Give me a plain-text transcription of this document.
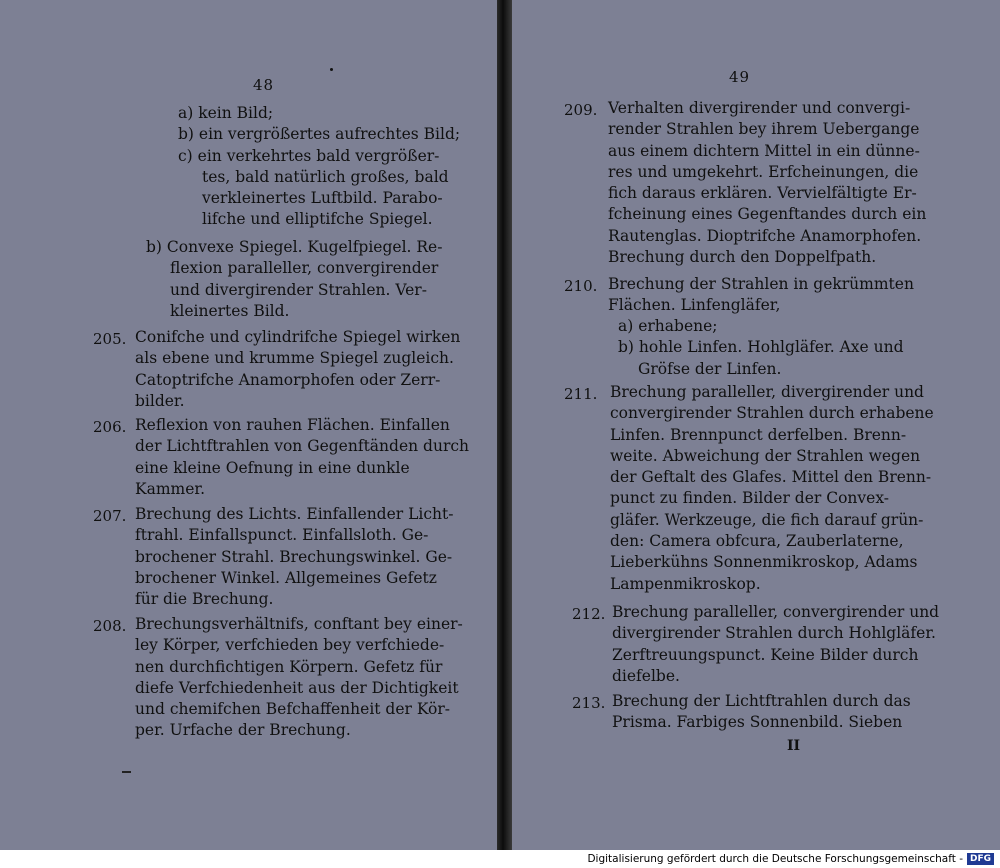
48
a) kein Bild;
b) ein vergrößertes aufrechtes Bild;
c) ein verkehrtes bald vergrößer-
tes, bald natürlich großes, bald
verkleinertes Luftbild. Parabo-
lifche und elliptifche Spiegel.
b) Convexe Spiegel. Kugelfpiegel. Re-
flexion paralleller, convergirender
und divergirender Strahlen. Ver-
kleinertes Bild.
205. Conifche und cylindrifche Spiegel wirken
als ebene und krumme Spiegel zugleich.
Catoptrifche Anamorphofen oder Zerr-
bilder.
206. Reflexion von rauhen Flächen. Einfallen
der Lichtftrahlen von Gegenftänden durch
eine kleine Oefnung in eine dunkle
Kammer.
207. Brechung des Lichts. Einfallender Licht-
ftrahl. Einfallspunct. Einfallsloth. Ge-
brochener Strahl. Brechungswinkel. Ge-
brochener Winkel. Allgemeines Gefetz
für die Brechung.
208. Brechungsverhältnifs, conftant bey einer-
ley Körper, verfchieden bey verfchiede-
nen durchfichtigen Körpern. Gefetz für
diefe Verfchiedenheit aus der Dichtigkeit
und chemifchen Befchaffenheit der Kör-
per. Urfache der Brechung.
49
209. Verhalten divergirender und convergi-
render Strahlen bey ihrem Uebergange
aus einem dichtern Mittel in ein dünne-
res und umgekehrt. Erfcheinungen, die
fich daraus erklären. Vervielfältigte Er-
fcheinung eines Gegenftandes durch ein
Rautenglas. Dioptrifche Anamorphofen.
Brechung durch den Doppelfpath.
210. Brechung der Strahlen in gekrümmten
Flächen. Linfengläfer,
a) erhabene;
b) hohle Linfen. Hohlgläfer. Axe und
Gröfse der Linfen.
211. Brechung paralleller, divergirender und
convergirender Strahlen durch erhabene
Linfen. Brennpunct derfelben. Brenn-
weite. Abweichung der Strahlen wegen
der Geftalt des Glafes. Mittel den Brenn-
punct zu finden. Bilder der Convex-
gläfer. Werkzeuge, die fich darauf grün-
den: Camera obfcura, Zauberlaterne,
Lieberkühns Sonnenmikroskop, Adams
Lampenmikroskop.
212. Brechung paralleller, convergirender und
divergirender Strahlen durch Hohlgläfer.
Zerftreuungspunct. Keine Bilder durch
diefelbe.
213. Brechung der Lichtftrahlen durch das
Prisma. Farbiges Sonnenbild. Sieben
II
Digitalisierung gefördert durch die Deutsche Forschungsgemeinschaft - DFG
